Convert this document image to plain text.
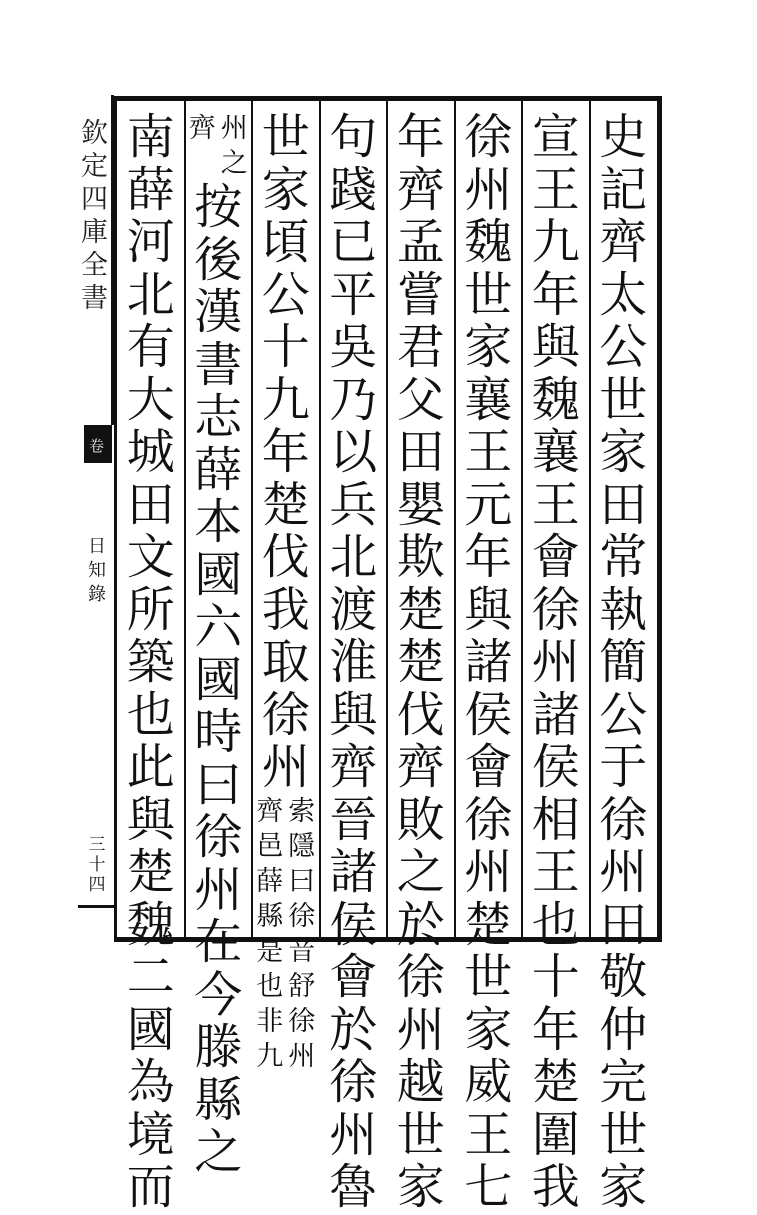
欽
定
四
庫
全
書
卷
日
知
錄
三
十
四
史
記
齊
太
公
世
家
田
常
執
簡
公
于
徐
州
田
敬
仲
完
世
家
宣
王
九
年
與
魏
襄
王
會
徐
州
諸
侯
相
王
也
十
年
楚
圍
我
徐
州
魏
世
家
襄
王
元
年
與
諸
侯
會
徐
州
楚
世
家
威
王
七
年
齊
孟
嘗
君
父
田
嬰
欺
楚
楚
伐
齊
敗
之
於
徐
州
越
世
家
句
踐
已
平
吳
乃
以
兵
北
渡
淮
與
齊
晉
諸
侯
會
於
徐
州
魯
世
家
頃
公
十
九
年
楚
伐
我
取
徐
州
索
隱
曰
徐
音
舒
徐
州
齊
邑
薛
縣
是
也
非
九
州
之
齊
按
後
漢
書
志
薛
本
國
六
國
時
曰
徐
州
在
今
滕
縣
之
南
薛
河
北
有
大
城
田
文
所
築
也
此
與
楚
魏
二
國
為
境
而
